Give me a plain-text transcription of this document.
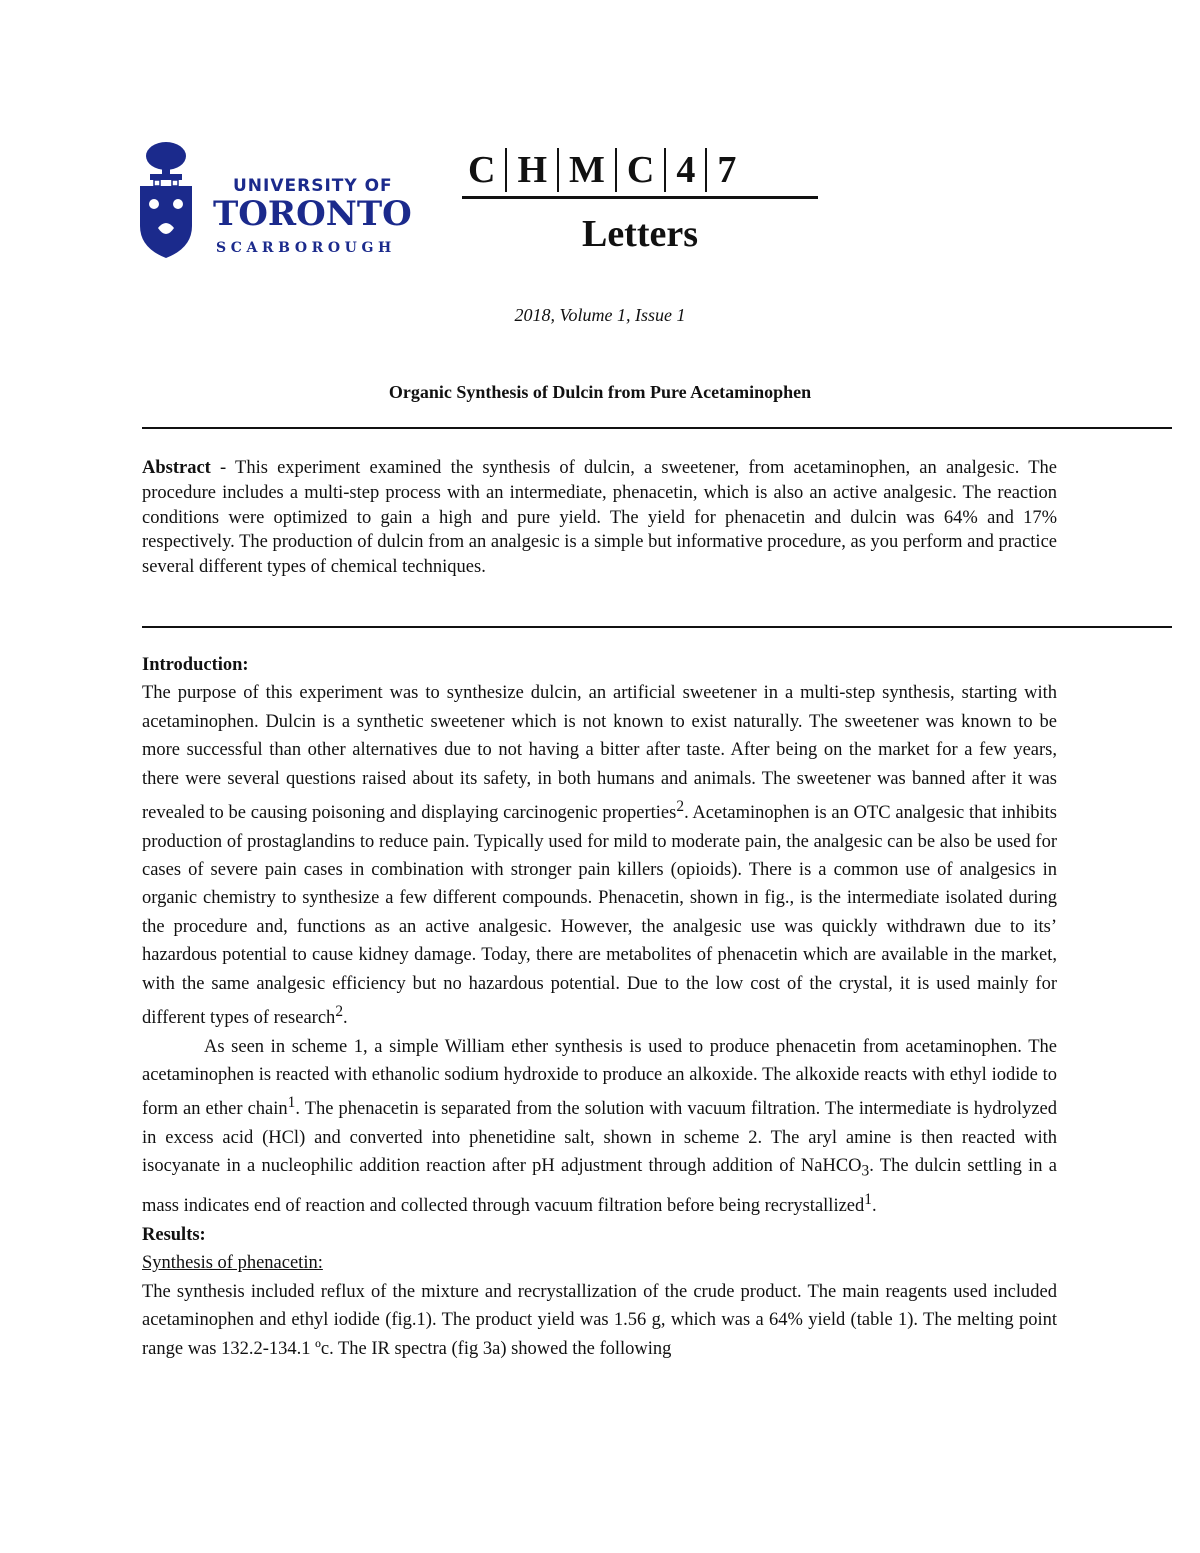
UNIVERSITY OF
TORONTO
SCARBOROUGH
C H M C 4 7
Letters
2018, Volume 1, Issue 1
Organic Synthesis of Dulcin from Pure Acetaminophen
Abstract - This experiment examined the synthesis of dulcin, a sweetener, from acetaminophen, an analgesic. The procedure includes a multi-step process with an intermediate, phenacetin, which is also an active analgesic. The reaction conditions were optimized to gain a high and pure yield. The yield for phenacetin and dulcin was 64% and 17% respectively. The production of dulcin from an analgesic is a simple but informative procedure, as you perform and practice several different types of chemical techniques.
Introduction:

The purpose of this experiment was to synthesize dulcin, an artificial sweetener in a multi-step synthesis, starting with acetaminophen. Dulcin is a synthetic sweetener which is not known to exist naturally. The sweetener was known to be more successful than other alternatives due to not having a bitter after taste. After being on the market for a few years, there were several questions raised about its safety, in both humans and animals. The sweetener was banned after it was revealed to be causing poisoning and displaying carcinogenic properties$^2$. Acetaminophen is an OTC analgesic that inhibits production of prostaglandins to reduce pain. Typically used for mild to moderate pain, the analgesic can be also be used for cases of severe pain cases in combination with stronger pain killers (opioids). There is a common use of analgesics in organic chemistry to synthesize a few different compounds. Phenacetin, shown in fig., is the intermediate isolated during the procedure and, functions as an active analgesic. However, the analgesic use was quickly withdrawn due to its’ hazardous potential to cause kidney damage. Today, there are metabolites of phenacetin which are available in the market, with the same analgesic efficiency but no hazardous potential. Due to the low cost of the crystal, it is used mainly for different types of research$^2$.

As seen in scheme 1, a simple William ether synthesis is used to produce phenacetin from acetaminophen. The acetaminophen is reacted with ethanolic sodium hydroxide to produce an alkoxide. The alkoxide reacts with ethyl iodide to form an ether chain$^1$. The phenacetin is separated from the solution with vacuum filtration. The intermediate is hydrolyzed in excess acid (HCl) and converted into phenetidine salt, shown in scheme 2. The aryl amine is then reacted with isocyanate in a nucleophilic addition reaction after pH adjustment through addition of NaHCO$_3$. The dulcin settling in a mass indicates end of reaction and collected through vacuum filtration before being recrystallized$^1$.

Results:
Synthesis of phenacetin:

The synthesis included reflux of the mixture and recrystallization of the crude product. The main reagents used included acetaminophen and ethyl iodide (fig.1). The product yield was 1.56 g, which was a 64% yield (table 1). The melting point range was 132.2-134.1 ºc. The IR spectra (fig 3a) showed the following
